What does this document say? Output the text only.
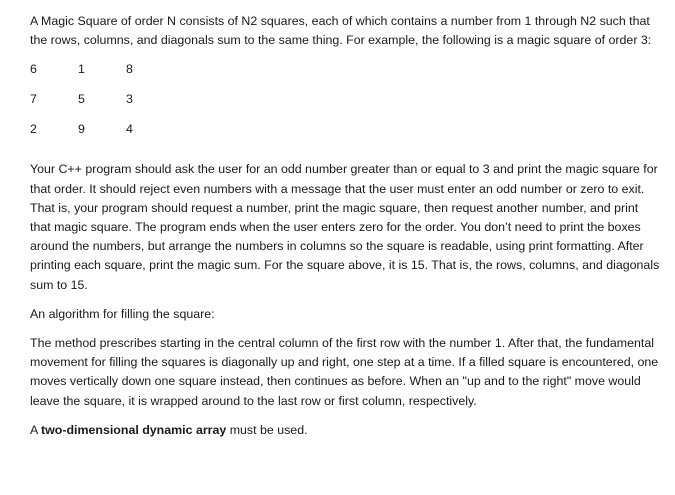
A Magic Square of order N consists of N2 squares, each of which contains a number from 1 through N2 such that the rows, columns, and diagonals sum to the same thing. For example, the following is a magic square of order 3:

6	1	8
7	5	3
2	9	4

Your C++ program should ask the user for an odd number greater than or equal to 3 and print the magic square for that order. It should reject even numbers with a message that the user must enter an odd number or zero to exit. That is, your program should request a number, print the magic square, then request another number, and print that magic square. The program ends when the user enters zero for the order. You don’t need to print the boxes around the numbers, but arrange the numbers in columns so the square is readable, using print formatting. After printing each square, print the magic sum. For the square above, it is 15. That is, the rows, columns, and diagonals sum to 15.

An algorithm for filling the square:

The method prescribes starting in the central column of the first row with the number 1. After that, the fundamental movement for filling the squares is diagonally up and right, one step at a time. If a filled square is encountered, one moves vertically down one square instead, then continues as before. When an "up and to the right" move would leave the square, it is wrapped around to the last row or first column, respectively.

A two-dimensional dynamic array must be used.
